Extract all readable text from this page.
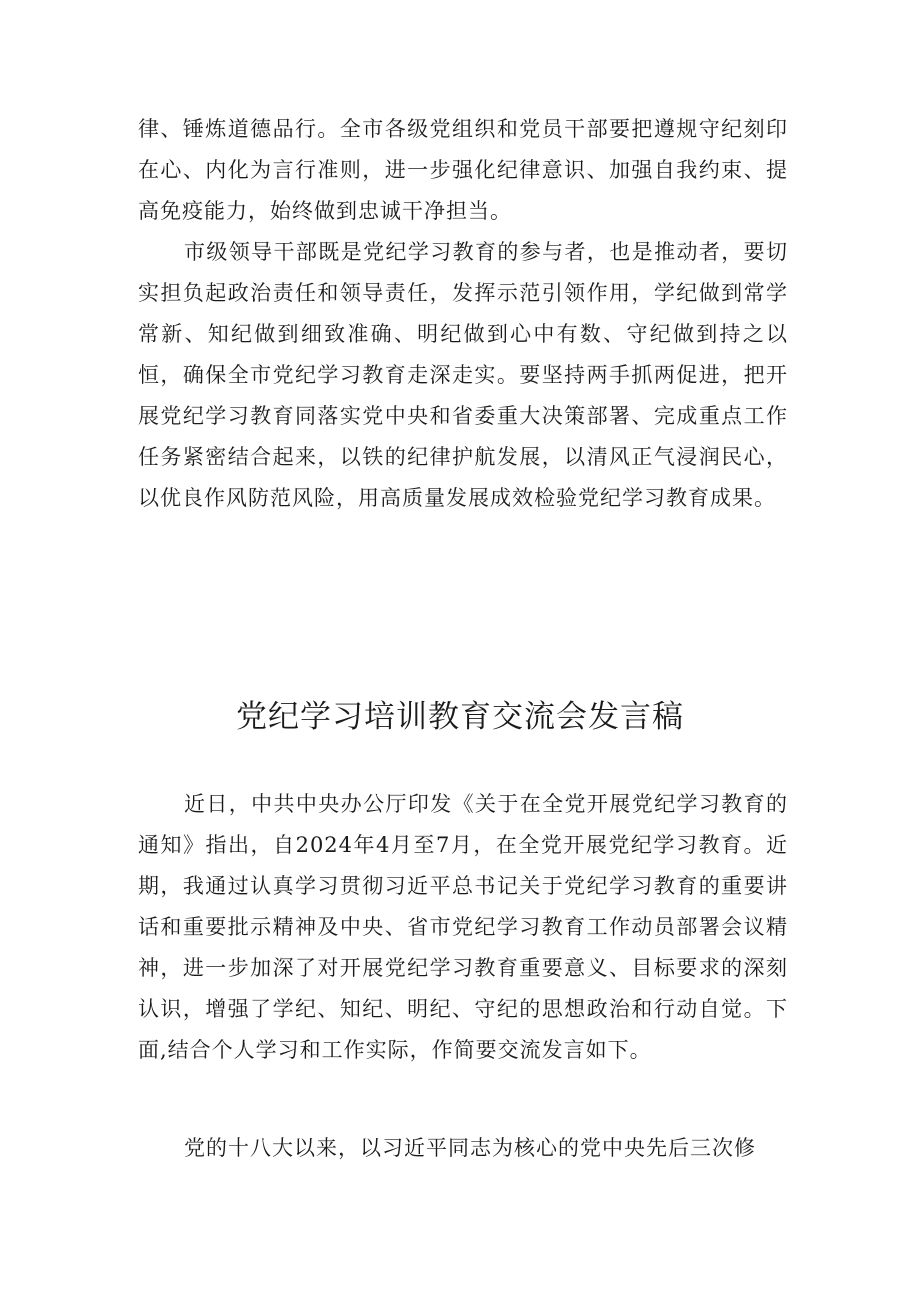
律、锤炼道德品行。全市各级党组织和党员干部要把遵规守纪刻印在心、内化为言行准则，进一步强化纪律意识、加强自我约束、提高免疫能力，始终做到忠诚干净担当。

市级领导干部既是党纪学习教育的参与者，也是推动者，要切实担负起政治责任和领导责任，发挥示范引领作用，学纪做到常学常新、知纪做到细致准确、明纪做到心中有数、守纪做到持之以恒，确保全市党纪学习教育走深走实。要坚持两手抓两促进，把开展党纪学习教育同落实党中央和省委重大决策部署、完成重点工作任务紧密结合起来，以铁的纪律护航发展，以清风正气浸润民心，以优良作风防范风险，用高质量发展成效检验党纪学习教育成果。

党纪学习培训教育交流会发言稿

近日，中共中央办公厅印发《关于在全党开展党纪学习教育的通知》指出，自2024年4月至7月，在全党开展党纪学习教育。近期，我通过认真学习贯彻习近平总书记关于党纪学习教育的重要讲话和重要批示精神及中央、省市党纪学习教育工作动员部署会议精神，进一步加深了对开展党纪学习教育重要意义、目标要求的深刻认识，增强了学纪、知纪、明纪、守纪的思想政治和行动自觉。下面,结合个人学习和工作实际，作简要交流发言如下。

党的十八大以来，以习近平同志为核心的党中央先后三次修
